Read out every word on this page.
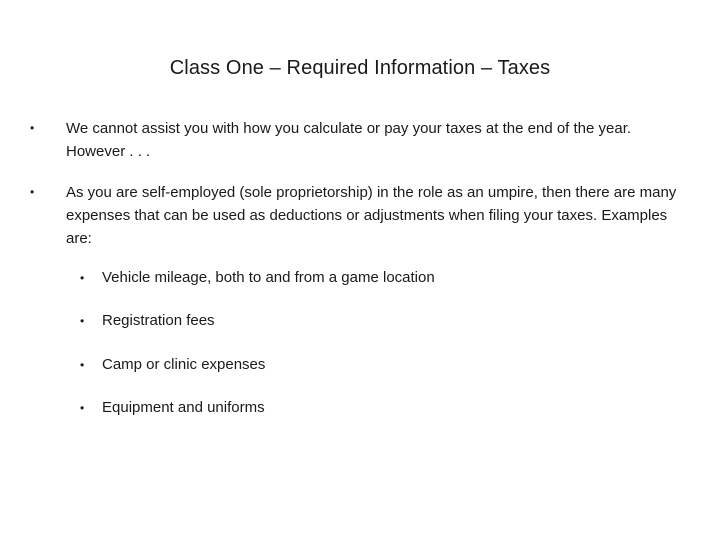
Class One – Required Information – Taxes
•	We cannot assist you with how you calculate or pay your taxes at the end of the year. However . . .
•	As you are self-employed (sole proprietorship) in the role as an umpire, then there are many expenses that can be used as deductions or adjustments when filing your taxes. Examples are:
•	Vehicle mileage, both to and from a game location
•	Registration fees
•	Camp or clinic expenses
•	Equipment and uniforms
